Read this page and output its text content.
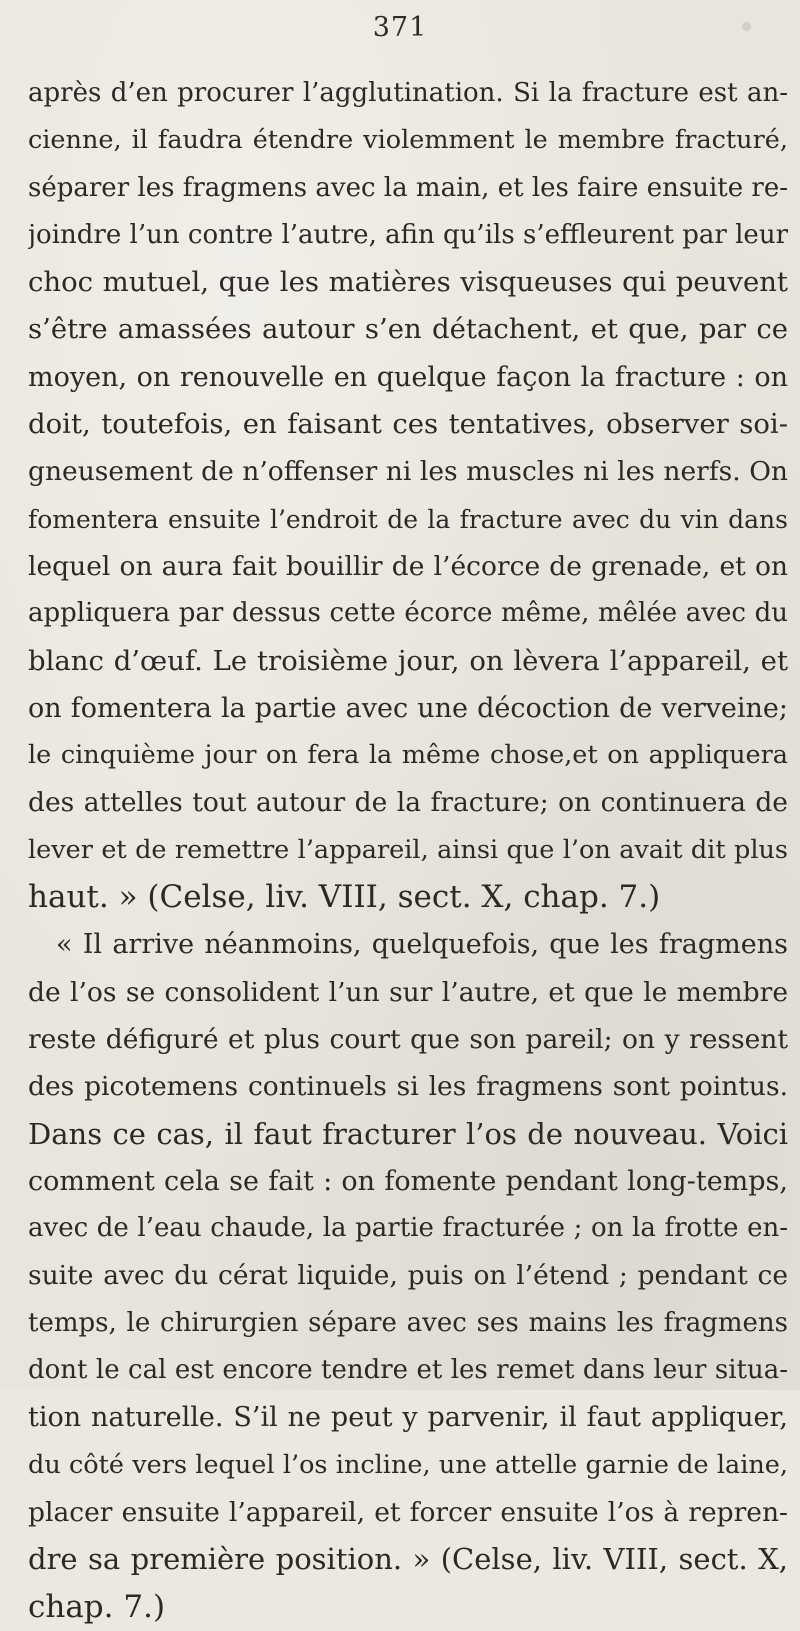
371
après d’en procurer l’agglutination. Si la fracture est an-
cienne, il faudra étendre violemment le membre fracturé,
séparer les fragmens avec la main, et les faire ensuite re-
joindre l’un contre l’autre, afin qu’ils s’effleurent par leur
choc mutuel, que les matières visqueuses qui peuvent
s’être amassées autour s’en détachent, et que, par ce
moyen, on renouvelle en quelque façon la fracture : on
doit, toutefois, en faisant ces tentatives, observer soi-
gneusement de n’offenser ni les muscles ni les nerfs. On
fomentera ensuite l’endroit de la fracture avec du vin dans
lequel on aura fait bouillir de l’écorce de grenade, et on
appliquera par dessus cette écorce même, mêlée avec du
blanc d’œuf. Le troisième jour, on lèvera l’appareil, et
on fomentera la partie avec une décoction de verveine;
le cinquième jour on fera la même chose,et on appliquera
des attelles tout autour de la fracture; on continuera de
lever et de remettre l’appareil, ainsi que l’on avait dit plus
haut. » (Celse, liv. VIII, sect. X, chap. 7.)
« Il arrive néanmoins, quelquefois, que les fragmens
de l’os se consolident l’un sur l’autre, et que le membre
reste défiguré et plus court que son pareil; on y ressent
des picotemens continuels si les fragmens sont pointus.
Dans ce cas, il faut fracturer l’os de nouveau. Voici
comment cela se fait : on fomente pendant long-temps,
avec de l’eau chaude, la partie fracturée ; on la frotte en-
suite avec du cérat liquide, puis on l’étend ; pendant ce
temps, le chirurgien sépare avec ses mains les fragmens
dont le cal est encore tendre et les remet dans leur situa-
tion naturelle. S’il ne peut y parvenir, il faut appliquer,
du côté vers lequel l’os incline, une attelle garnie de laine,
placer ensuite l’appareil, et forcer ensuite l’os à repren-
dre sa première position. » (Celse, liv. VIII, sect. X,
chap. 7.)
